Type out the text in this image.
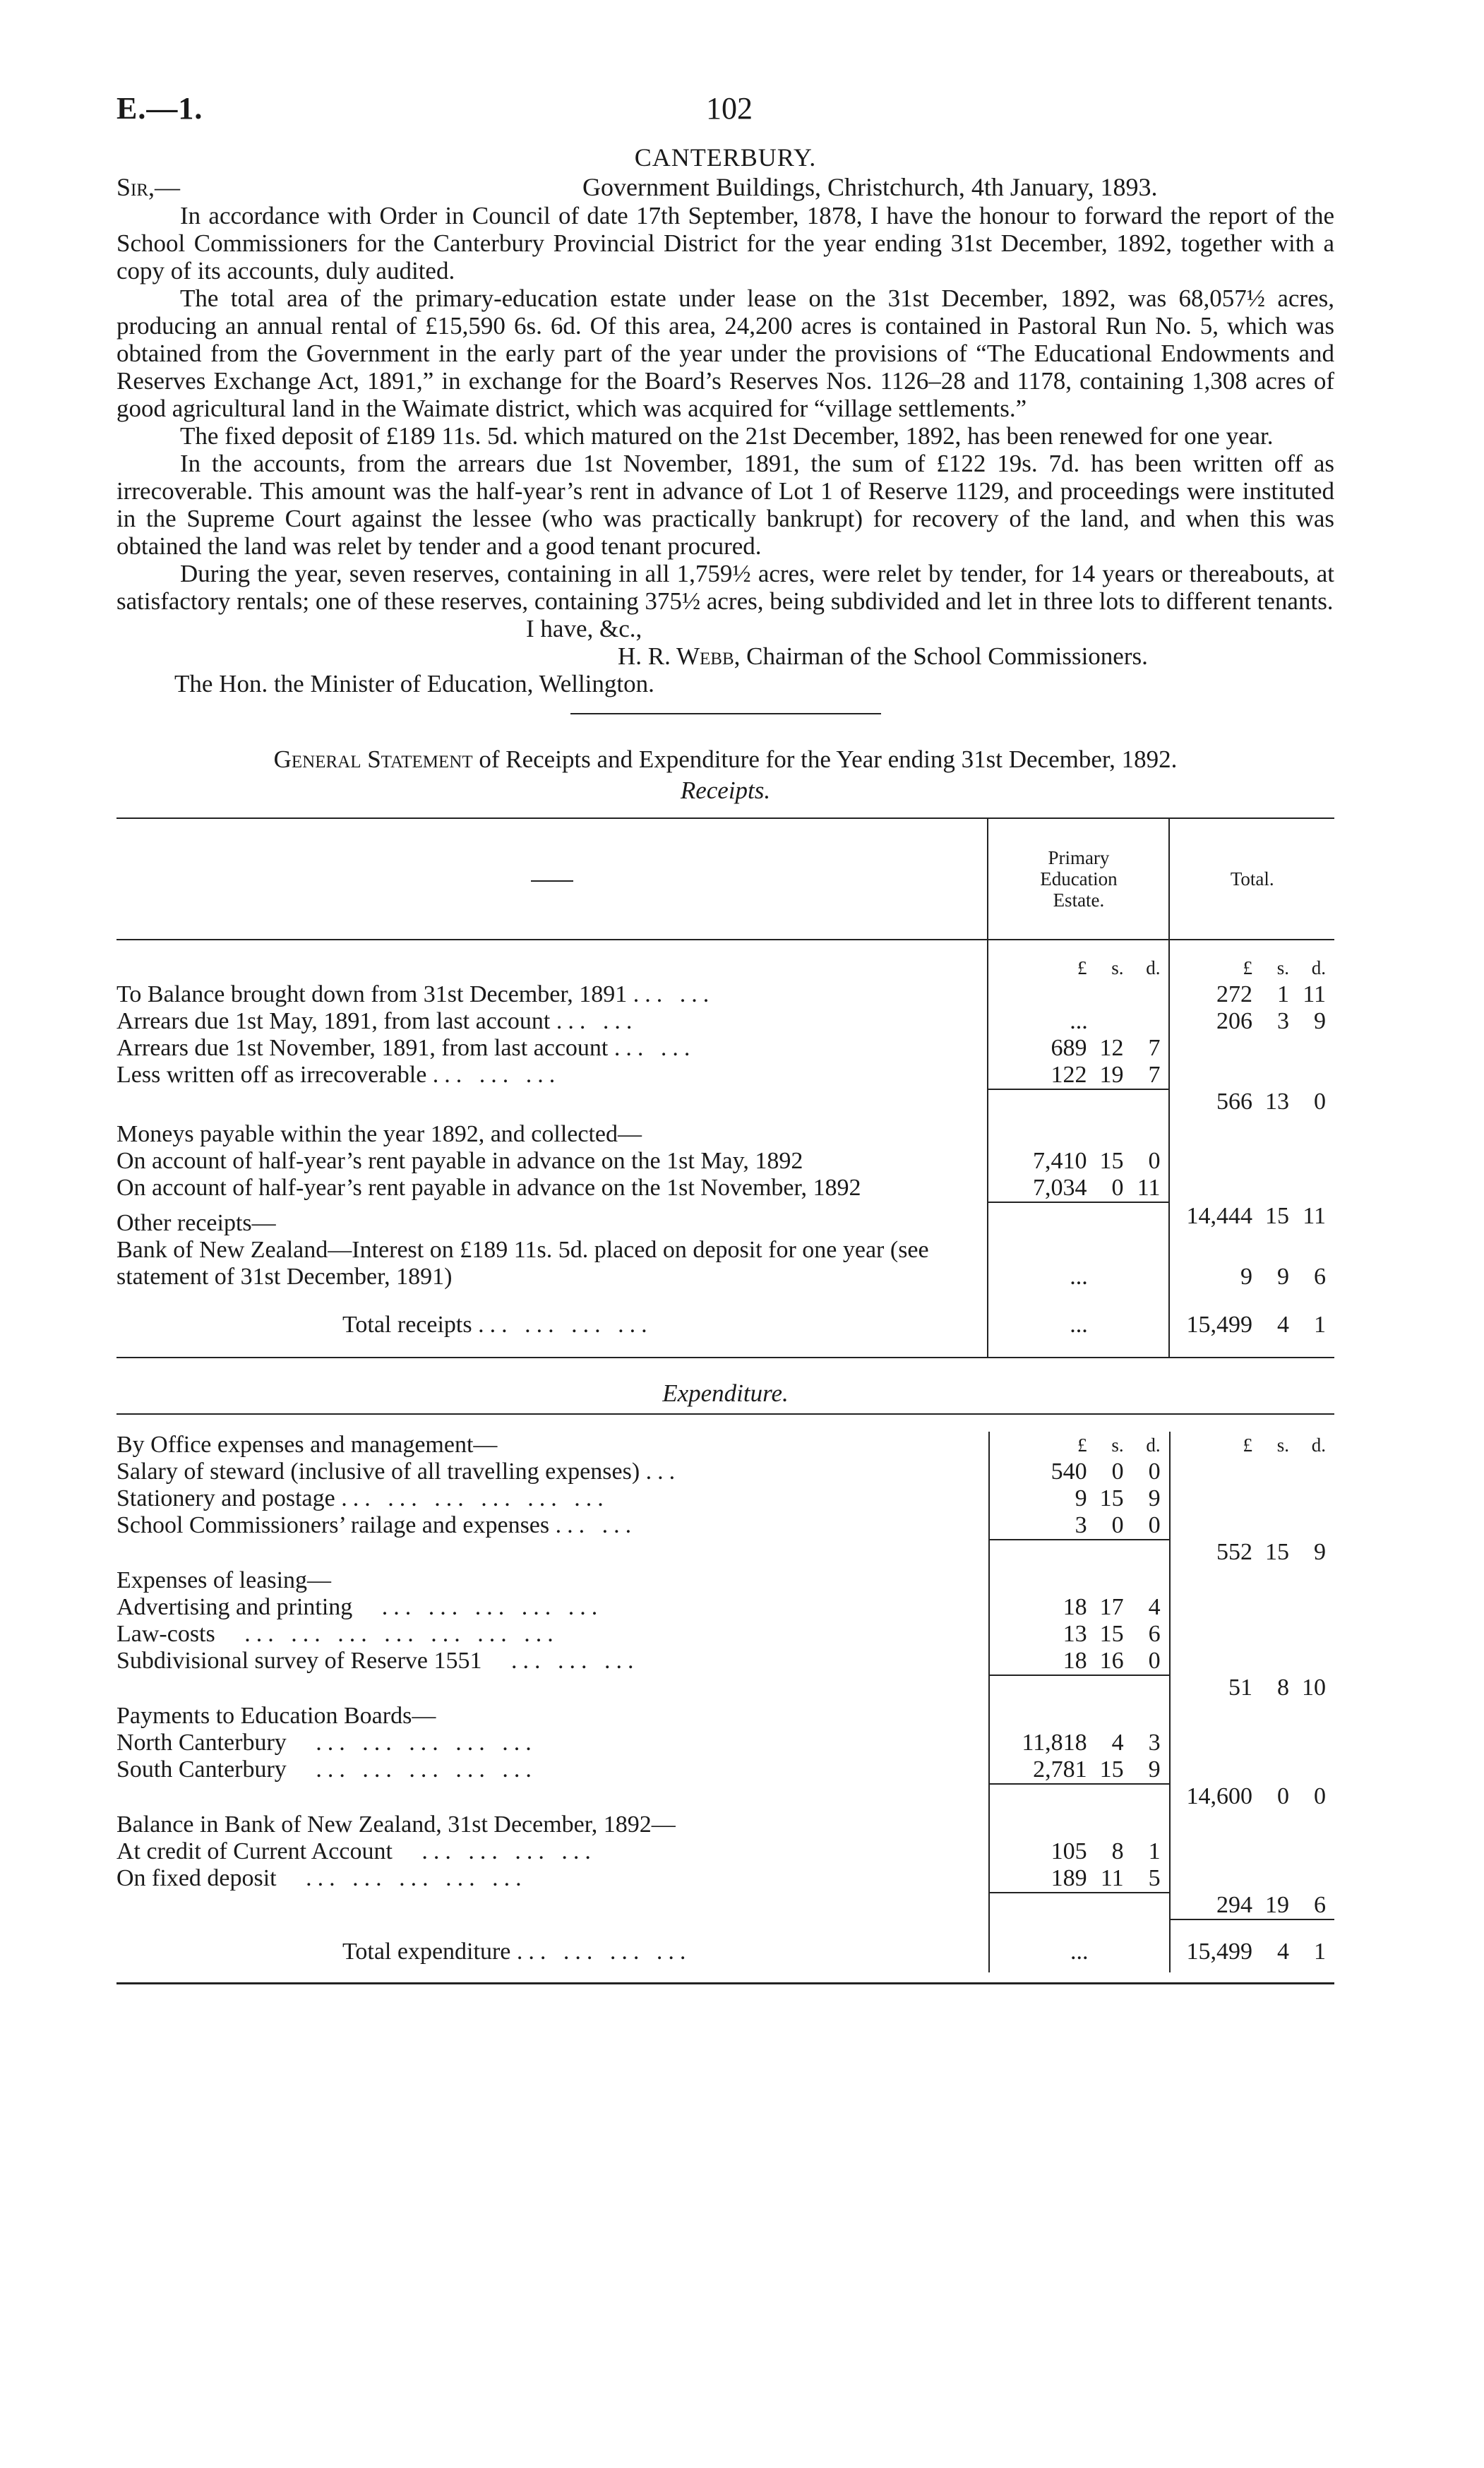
E.—1.	102
CANTERBURY.
Sir,—	Government Buildings, Christchurch, 4th January, 1893.

In accordance with Order in Council of date 17th September, 1878, I have the honour to forward the report of the School Commissioners for the Canterbury Provincial District for the year ending 31st December, 1892, together with a copy of its accounts, duly audited.

The total area of the primary-education estate under lease on the 31st December, 1892, was 68,057½ acres, producing an annual rental of £15,590 6s. 6d. Of this area, 24,200 acres is contained in Pastoral Run No. 5, which was obtained from the Government in the early part of the year under the provisions of “The Educational Endowments and Reserves Exchange Act, 1891,” in exchange for the Board’s Reserves Nos. 1126–28 and 1178, containing 1,308 acres of good agricultural land in the Waimate district, which was acquired for “village settlements.”

The fixed deposit of £189 11s. 5d. which matured on the 21st December, 1892, has been renewed for one year.

In the accounts, from the arrears due 1st November, 1891, the sum of £122 19s. 7d. has been written off as irrecoverable. This amount was the half-year’s rent in advance of Lot 1 of Reserve 1129, and proceedings were instituted in the Supreme Court against the lessee (who was practically bankrupt) for recovery of the land, and when this was obtained the land was relet by tender and a good tenant procured.

During the year, seven reserves, containing in all 1,759½ acres, were relet by tender, for 14 years or thereabouts, at satisfactory rentals; one of these reserves, containing 375½ acres, being subdivided and let in three lots to different tenants.

I have, &c.,
H. R. Webb, Chairman of the School Commissioners.
The Hon. the Minister of Education, Wellington.
General Statement of Receipts and Expenditure for the Year ending 31st December, 1892.
Receipts.

	Primary Education Estate.	Total.

	£ s. d.	£ s. d.

To Balance brought down from 31st December, 1891 ... ...		272 1 11

Arrears due 1st May, 1891, from last account ... ...	...	206 3 9

Arrears due 1st November, 1891, from last account ... ...	689 12 7	

Less written off as irrecoverable ... ... ...	122 19 7	566 13 0

Moneys payable within the year 1892, and collected—		
On account of half-year’s rent payable in advance on the 1st May, 1892	7,410 15 0	

On account of half-year’s rent payable in advance on the 1st November, 1892	7,034 0 11	

Other receipts—		14,444 15 11

Bank of New Zealand—Interest on £189 11s. 5d. placed on deposit for one year (see statement of 31st December, 1891)	...	9 9 6

Total receipts ... ... ... ...	...	15,499 4 1
Expenditure.
By Office expenses and management—	£ s. d.	£ s. d.

Salary of steward (inclusive of all travelling expenses) ...	540 0 0	

Stationery and postage ... ... ... ... ... ...	9 15 9	

School Commissioners’ railage and expenses ... ...	3 0 0	552 15 9

Expenses of leasing—		
Advertising and printing   ... ... ... ... ...	18 17 4	

Law-costs   ... ... ... ... ... ... ...	13 15 6	

Subdivisional survey of Reserve 1551   ... ... ...	18 16 0	51 8 10

Payments to Education Boards—		
North Canterbury   ... ... ... ... ...	11,818 4 3	

South Canterbury   ... ... ... ... ...	2,781 15 9	14,600 0 0

Balance in Bank of New Zealand, 31st December, 1892—		
At credit of Current Account   ... ... ... ...	105 8 1	

On fixed deposit   ... ... ... ... ...	189 11 5	294 19 6

Total expenditure ... ... ... ...	...	15,499 4 1
